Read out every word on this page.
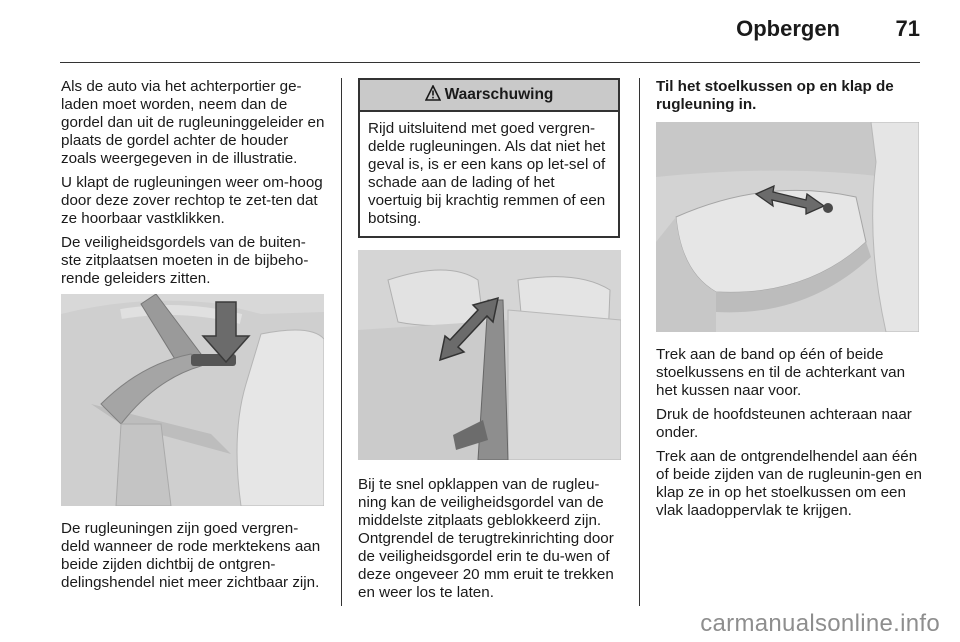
Opbergen	71

Als de auto via het achterportier ge-laden moet worden, neem dan de gordel dan uit de rugleuninggeleider en plaats de gordel achter de houder zoals weergegeven in de illustratie.

U klapt de rugleuningen weer om-hoog door deze zover rechtop te zet-ten dat ze hoorbaar vastklikken.

De veiligheidsgordels van de buiten-ste zitplaatsen moeten in de bijbeho-rende geleiders zitten.

De rugleuningen zijn goed vergren-deld wanneer de rode merktekens aan beide zijden dichtbij de ontgren-delingshendel niet meer zichtbaar zijn.

Waarschuwing

Rijd uitsluitend met goed vergren-delde rugleuningen. Als dat niet het geval is, is er een kans op let-sel of schade aan de lading of het voertuig bij krachtig remmen of een botsing.

Bij te snel opklappen van de rugleu-ning kan de veiligheidsgordel van de middelste zitplaats geblokkeerd zijn. Ontgrendel de terugtrekinrichting door de veiligheidsgordel erin te du-wen of deze ongeveer 20 mm eruit te trekken en weer los te laten.

Til het stoelkussen op en klap de rugleuning in.

Trek aan de band op één of beide stoelkussens en til de achterkant van het kussen naar voor.

Druk de hoofdsteunen achteraan naar onder.

Trek aan de ontgrendelhendel aan één of beide zijden van de rugleunin-gen en klap ze in op het stoelkussen om een vlak laadoppervlak te krijgen.

carmanualsonline.info
